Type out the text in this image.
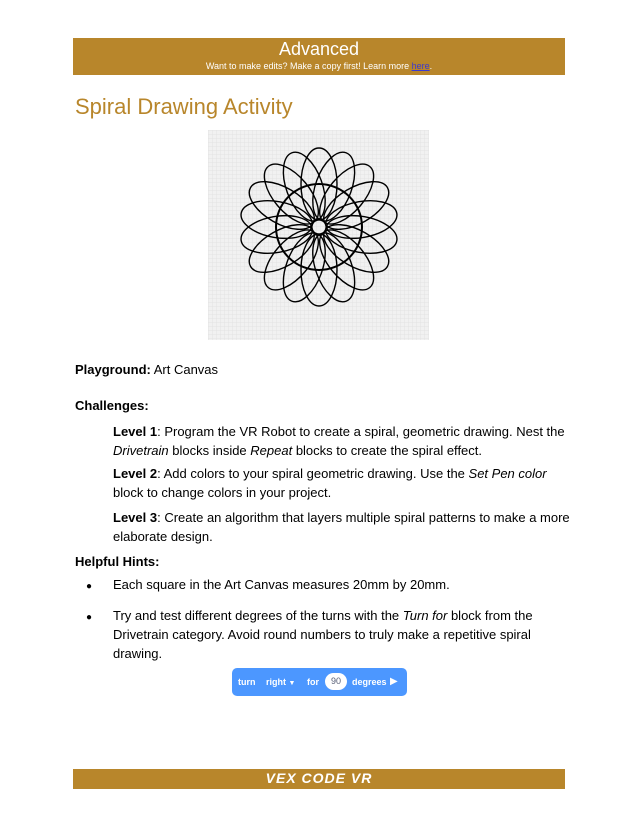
Advanced
Want to make edits? Make a copy first! Learn more here.
Spiral Drawing Activity
Playground: Art Canvas
Challenges:
Level 1: Program the VR Robot to create a spiral, geometric drawing. Nest the Drivetrain blocks inside Repeat blocks to create the spiral effect.
Level 2: Add colors to your spiral geometric drawing. Use the Set Pen color block to change colors in your project.
Level 3: Create an algorithm that layers multiple spiral patterns to make a more elaborate design.
Helpful Hints:
● Each square in the Art Canvas measures 20mm by 20mm.
● Try and test different degrees of the turns with the Turn for block from the Drivetrain category. Avoid round numbers to truly make a repetitive spiral drawing.
turn right ▼ for	90	degrees ▶
VEX CODE VR
